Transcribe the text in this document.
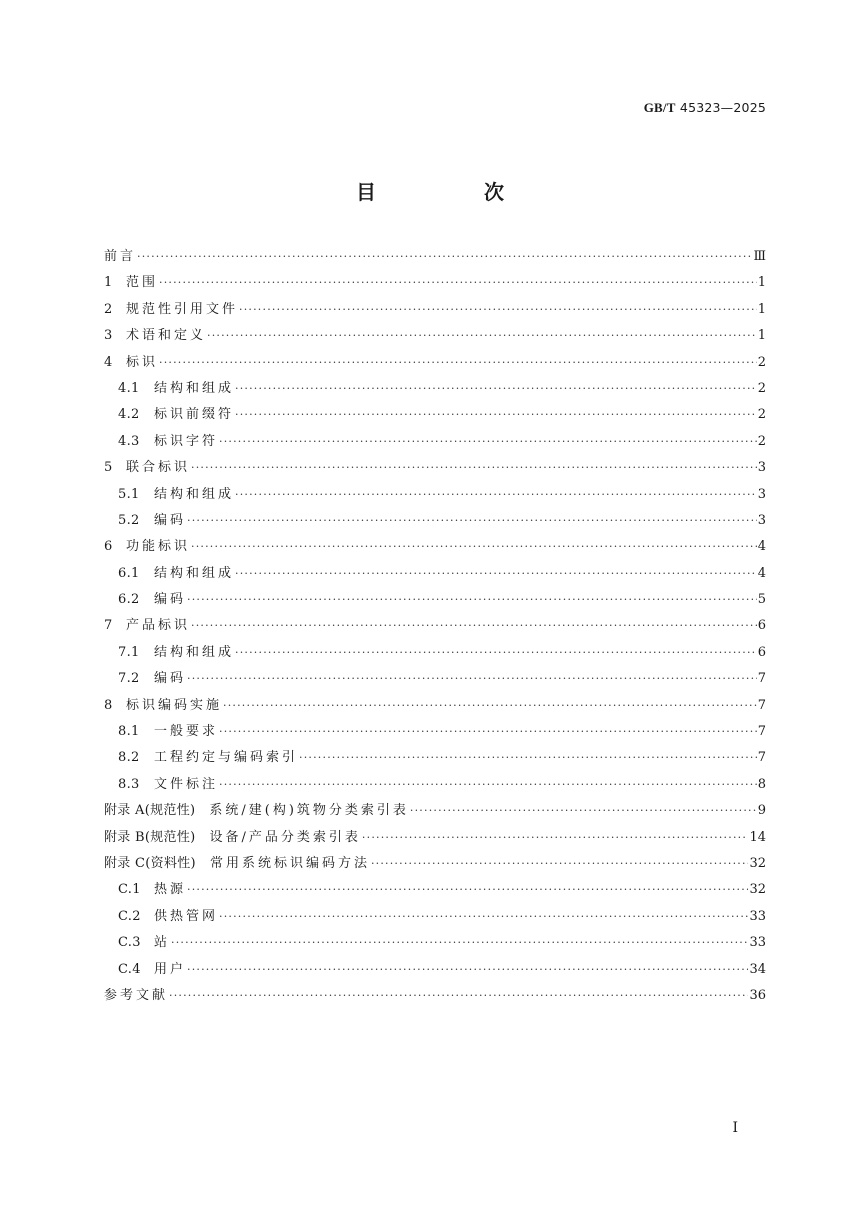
GB/T 45323—2025
目　次
前言 ·····	Ⅲ
1	范围 ·····	1
2	规范性引用文件 ·····	1
3	术语和定义 ·····	1
4	标识 ·····	2
4.1	结构和组成 ·····	2
4.2	标识前缀符 ·····	2
4.3	标识字符 ·····	2
5	联合标识 ·····	3
5.1	结构和组成 ·····	3
5.2	编码 ·····	3
6	功能标识 ·····	4
6.1	结构和组成 ·····	4
6.2	编码 ·····	5
7	产品标识 ·····	6
7.1	结构和组成 ·····	6
7.2	编码 ·····	7
8	标识编码实施 ·····	7
8.1	一般要求 ·····	7
8.2	工程约定与编码索引 ·····	7
8.3	文件标注 ·····	8
附录 A(规范性)	系统/建(构)筑物分类索引表 ·····	9
附录 B(规范性)	设备/产品分类索引表 ·····	14
附录 C(资料性)	常用系统标识编码方法 ·····	32
C.1	热源 ·····	32
C.2	供热管网 ·····	33
C.3	站 ·····	33
C.4	用户 ·····	34
参考文献 ·····	36
I
